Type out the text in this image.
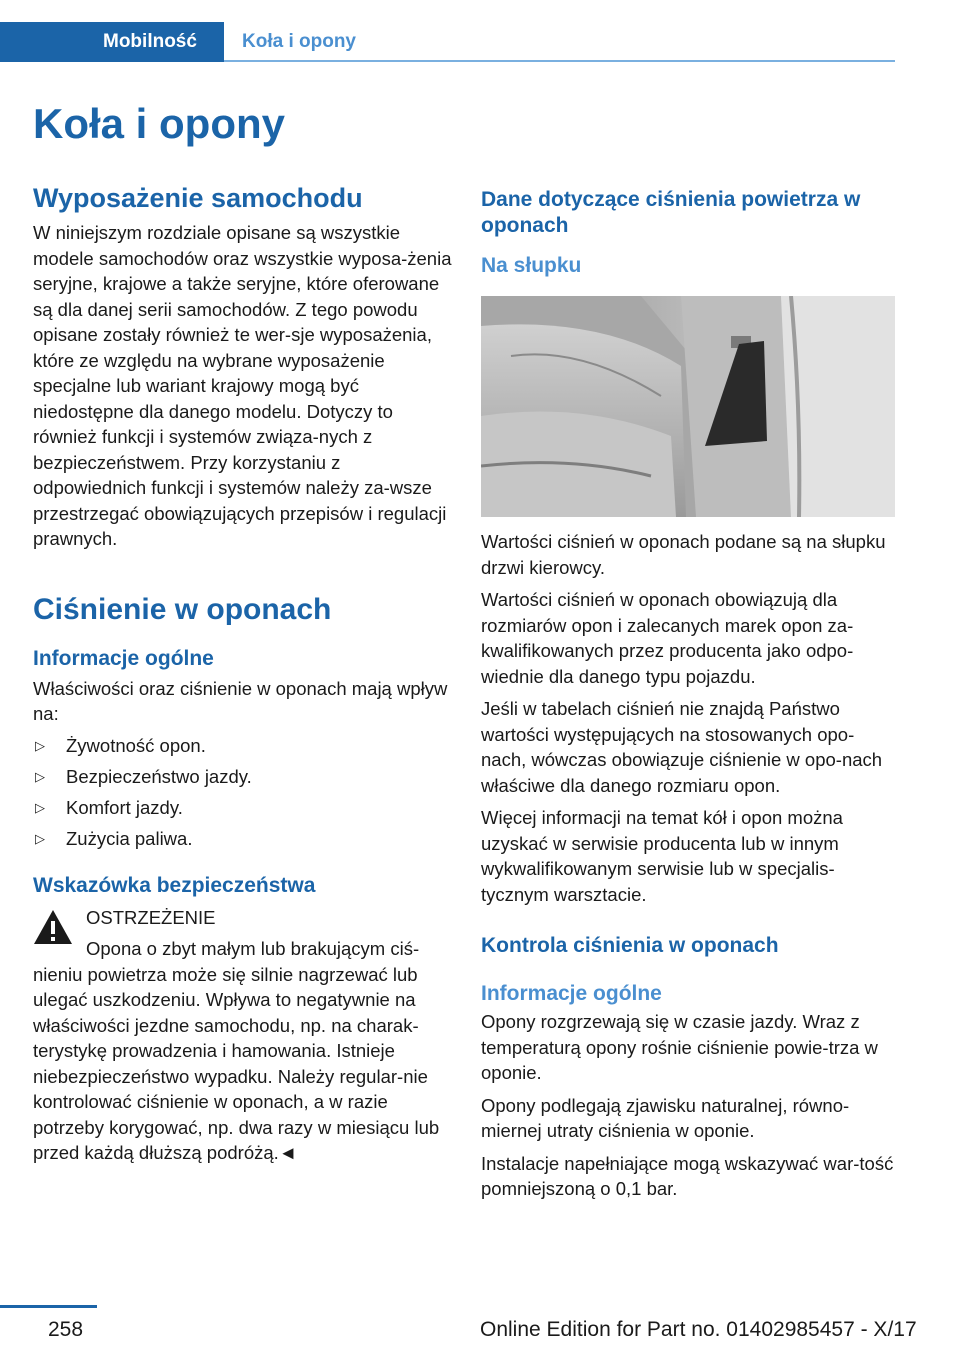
Mobilność	Koła i opony
Koła i opony
Wyposażenie samochodu

W niniejszym rozdziale opisane są wszystkie modele samochodów oraz wszystkie wyposa-żenia seryjne, krajowe a także seryjne, które oferowane są dla danej serii samochodów. Z tego powodu opisane zostały również te wer-sje wyposażenia, które ze względu na wybrane wyposażenie specjalne lub wariant krajowy mogą być niedostępne dla danego modelu. Dotyczy to również funkcji i systemów związa-nych z bezpieczeństwem. Przy korzystaniu z odpowiednich funkcji i systemów należy za-wsze przestrzegać obowiązujących przepisów i regulacji prawnych.

Ciśnienie w oponach
Informacje ogólne

Właściwości oraz ciśnienie w oponach mają wpływ na:

▷	Żywotność opon.
▷	Bezpieczeństwo jazdy.
▷	Komfort jazdy.
▷	Zużycia paliwa.
Wskazówka bezpieczeństwa
OSTRZEŻENIE

Opona o zbyt małym lub brakującym ciś-

nieniu powietrza może się silnie nagrzewać lub ulegać uszkodzeniu. Wpływa to negatywnie na właściwości jezdne samochodu, np. na charak-terystykę prowadzenia i hamowania. Istnieje niebezpieczeństwo wypadku. Należy regular-nie kontrolować ciśnienie w oponach, a w razie potrzeby korygować, np. dwa razy w miesiącu lub przed każdą dłuższą podróżą.◄

Dane dotyczące ciśnienia powietrza w oponach
Na słupku

Wartości ciśnień w oponach podane są na słupku drzwi kierowcy.

Wartości ciśnień w oponach obowiązują dla rozmiarów opon i zalecanych marek opon za-kwalifikowanych przez producenta jako odpo-wiednie dla danego typu pojazdu.

Jeśli w tabelach ciśnień nie znajdą Państwo wartości występujących na stosowanych opo-nach, wówczas obowiązuje ciśnienie w opo-nach właściwe dla danego rozmiaru opon.

Więcej informacji na temat kół i opon można uzyskać w serwisie producenta lub w innym wykwalifikowanym serwisie lub w specjalis-tycznym warsztacie.

Kontrola ciśnienia w oponach
Informacje ogólne

Opony rozgrzewają się w czasie jazdy. Wraz z temperaturą opony rośnie ciśnienie powie-trza w oponie.

Opony podlegają zjawisku naturalnej, równo-miernej utraty ciśnienia w oponie.

Instalacje napełniające mogą wskazywać war-tość pomniejszoną o 0,1 bar.

258	Online Edition for Part no. 01402985457 - X/17
